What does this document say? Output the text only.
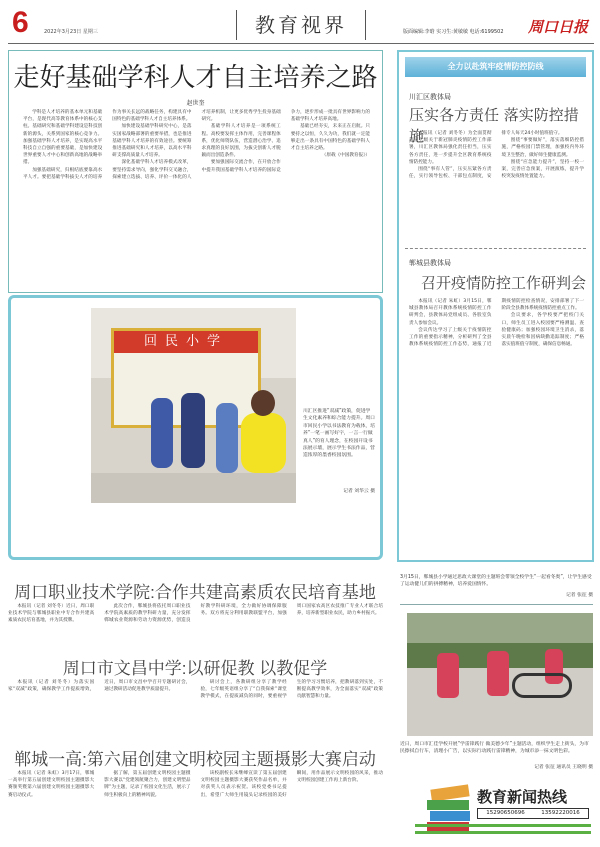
6	2022年3月23日 星期三	教育视界	版面编辑:李晗 实习生:黄敏敏 电话:6199502 周口日报
走好基础学科人才自主培养之路
赵世奎

学科是人才培养的基本单元和基础平台，是现代高等教育体系中的核心支柱。基础研究和基础学科建设是科技创新的源头，关系到国家的核心竞争力。加强基础学科人才培养，是实现高水平科技自立自强的重要基础，是加快建设世界重要人才中心和创新高地的战略举措。

加强基础研究，归根结底要靠高水平人才。要把基础学科拔尖人才的培养作为事关长远的战略任务，构建具有中国特色的基础学科人才自主培养体系。

加快建设基础学科研究中心，是落实国家战略部署的重要举措，也是推进基础学科人才培养的有效途径。要统筹推进基础研究和人才培养，以高水平科研支撑高质量人才培养。

深化基础学科人才培养模式改革，要坚持需求导向，强化学科交叉融合，探索建立选拔、培养、评价一体化的人才培养机制，让更多优秀学生投身基础研究。

基础学科人才培养是一项系统工程。高校要发挥主体作用，完善课程体系，优化师资队伍，营造潜心治学、追求真理的良好氛围，为拔尖创新人才脱颖而出创造条件。

要加强国际交流合作，在开放合作中提升我国基础学科人才培养的国际竞争力，逐步形成一批具有世界影响力的基础学科人才培养高地。

基础已经夯实，未来正在启航。只要持之以恒，久久为功，我们就一定能够走出一条具有中国特色的基础学科人才自主培养之路。

（原载《中国教育报》）

回民小学
川汇区推进“双减”政策，促进学生文化素养和综合能力提升。周口市回民小学以书法教育为载体，培养“一笔一画写好字，一言一行做真人”的育人理念，在校园开设书法展示墙，展示学生书法作品，营造浓厚的墨香校园氛围。
记者 刘华云 摄
周口职业技术学院:合作共建高素质农民培育基地

本报讯（记者 刘冬冬）近日，周口职业技术学院与郸城县职业中专合作共建高素质农民培育基地，并为其授牌。

此次合作，郸城县将依托周口职业技术学院高素质的教学科研力量，充分发挥郸城农业资源和劳动力资源优势，创造良好教学科研环境，全力做好协调保障服务。双方将充分利用职教联盟平台，加强周口国家农高区农技推广专业人才联合培养，培养新型职业农民，助力乡村振兴。

周口市文昌中学:以研促教 以教促学

本报讯（记者 刘冬冬）为落实国家“双减”政策，确保教学工作提质增效，近日，周口市文昌中学召开专题研讨会，通过教研活动促进教学质量提升。

研讨会上，各教研组分享了教学经验，七年级英语组分享了“自我探索”课堂教学模式，在提质减负的同时，要重视学生的学习习惯培养，把教研落到实处，不断提高教学效率，为全面落实“双减”政策贡献智慧和力量。

郸城一高:第六届创建文明校园主题摄影大赛启动

本报讯（记者 朱虹）3月17日，郸城一高举行第五届创建文明校园主题摄影大赛颁奖暨第六届创建文明校园主题摄影大赛启动仪式。

据了解，第五届创建文明校园主题摄影大赛以“党建领航聚合力，创建文明塑品牌”为主题，记录了校园文化生活，展示了师生积极向上的精神风貌。

该校副校长朱继峰宣读了第五届创建文明校园主题摄影大赛获奖作品名单，并对获奖人员表示祝贺。该校党委书记提出，希望广大师生用镜头记录校园的美好瞬间，用作品展示文明校园的风采，推动文明校园创建工作再上新台阶。

全力以赴筑牢疫情防控防线
川汇区教体局
压实各方责任 落实防控措施

本报讯（记者 刘冬冬）为全面贯彻落实上级关于新冠肺炎疫情防控工作部署，川汇区教体局强化责任担当，压实各方责任，进一步提升全区教育系统疫情防控能力。

围绕“事有人管”，压实压紧各方责任，实行领导包校、干部包点制度，安排专人每天24小时值班值守。

围绕“事要做好”，落实落细防控措施，严格校园门禁管理，加强校内外环境卫生整治，做好师生健康监测。

围绕“应急能力提升”，坚持一校一案，完善应急预案，开展演练，提升学校突发疫情处置能力。

郸城县教体局
召开疫情防控工作研判会

本报讯（记者 朱虹）3月15日，郸城县教体局召开教体系统疫情防控工作研判会，县教体局党组成员、各股室负责人参加会议。

会议传达学习了上级关于疫情防控工作的重要指示精神，分析研判了全县教体系统疫情防控工作态势，通报了近期疫情防控检查情况，安排部署了下一阶段全县教体系统疫情防控重点工作。

会议要求，各学校要严把校门关口，师生员工进入校园要严格测温、查验健康码；加强校园环境卫生消杀，落实晨午晚检和因病缺勤追踪制度；严格落实值班值守制度，确保信息畅通。

3月15日，郸城县小学通过思政大课堂的主题班会带领全校学生“一起看冬奥”，让学生感受了运动健儿们的拼搏精神，培养爱国情怀。
记者 张征 摄
近日，周口市汇佳学校开展“学雷锋践行 做美德少年”主题活动，组织学生走上街头，为市民擦拭自行车，清理小广告，以实际行动践行雷锋精神，为城市添一抹文明色彩。
记者 张征 通讯员 王晓明 摄
教育新闻热线
15290650696	13592220016
